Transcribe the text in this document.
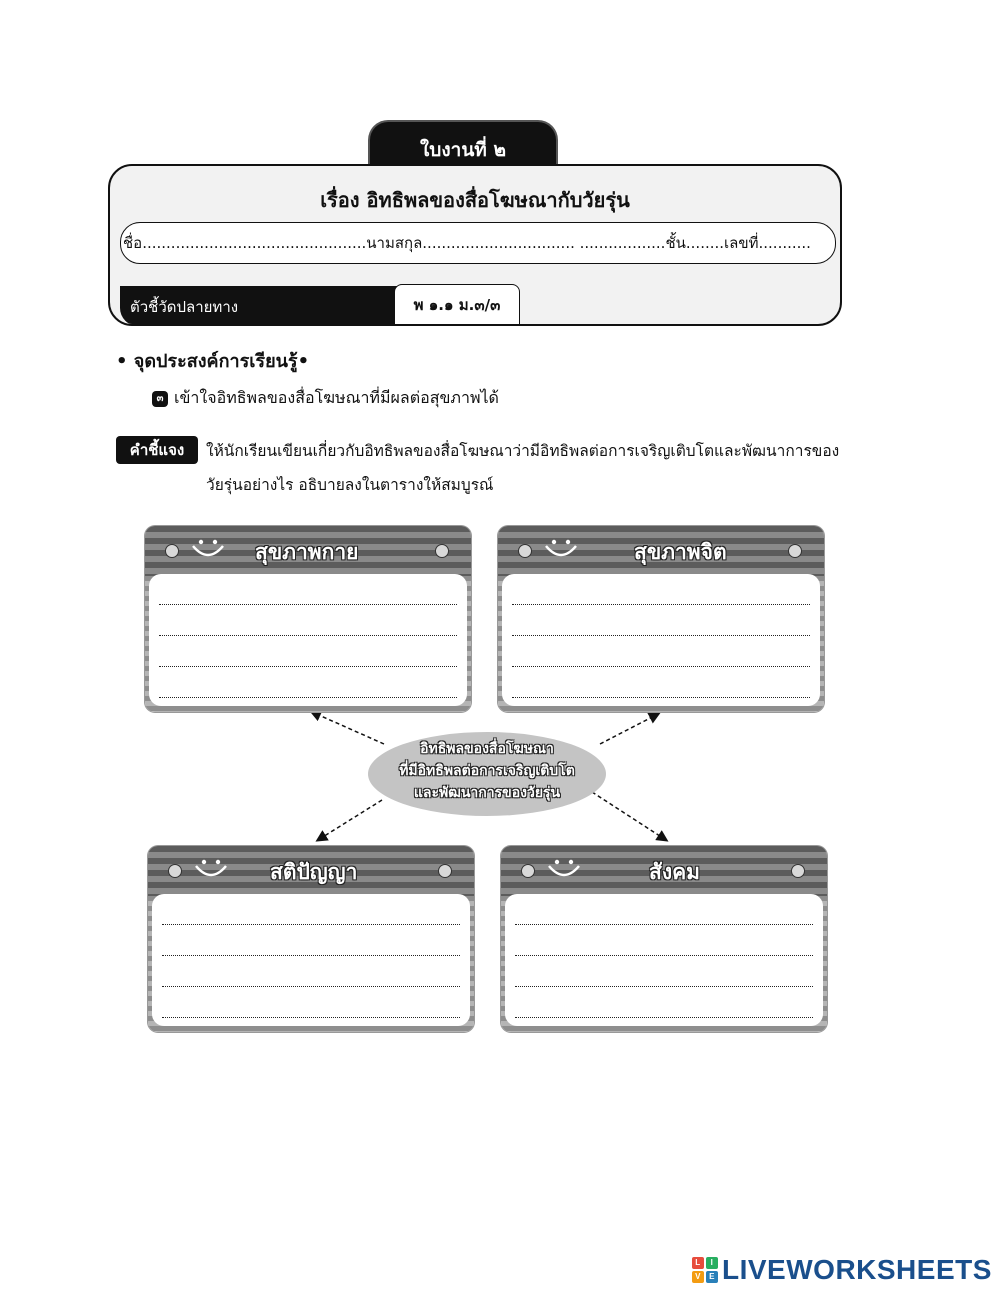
ใบงานที่ ๒
เรื่อง อิทธิพลของสื่อโฆษณากับวัยรุ่น
ชื่อ...............................................นามสกุล................................ ..................ชั้น........เลขที่...........
ตัวชี้วัดปลายทาง	พ ๑.๑ ม.๓/๓
• จุดประสงค์การเรียนรู้•
๓ เข้าใจอิทธิพลของสื่อโฆษณาที่มีผลต่อสุขภาพได้
คำชี้แจง	ให้นักเรียนเขียนเกี่ยวกับอิทธิพลของสื่อโฆษณาว่ามีอิทธิพลต่อการเจริญเติบโตและพัฒนาการของ
วัยรุ่นอย่างไร อธิบายลงในตารางให้สมบูรณ์
สุขภาพกาย	สุขภาพจิต
อิทธิพลของสื่อโฆษณา
ที่มีอิทธิพลต่อการเจริญเติบโต
และพัฒนาการของวัยรุ่น
สติปัญญา	สังคม
L	I
V	E LIVEWORKSHEETS
